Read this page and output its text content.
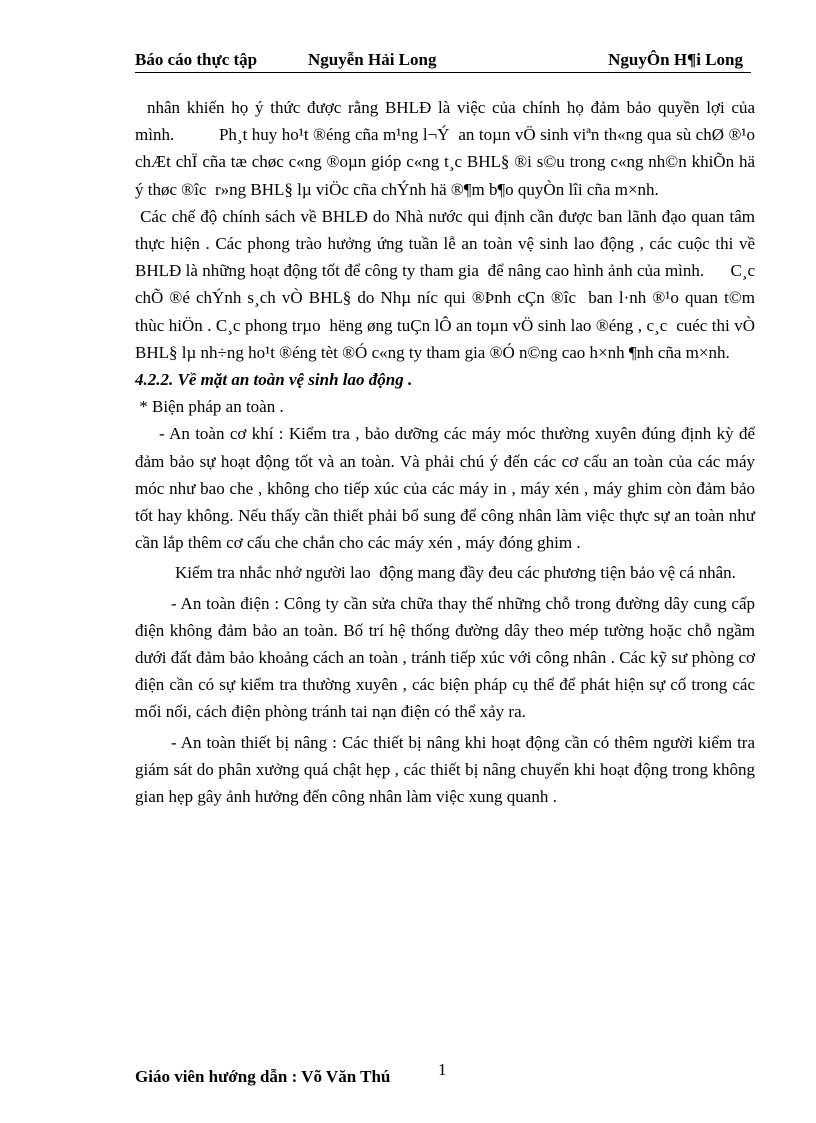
Báo cáo thực tập	Nguyễn Hải Long	NguyÔn H¶i Long

nhân khiến họ ý thức được rằng BHLĐ là việc của chính họ đảm bảo quyền lợi của mình.          Ph¸t huy ho¹t ®éng cña m¹ng l¬Ý  an toµn vÖ sinh viªn th«ng qua sù chØ ®¹o chÆt chÏ cña tæ chøc c«ng ®oµn gióp c«ng t¸c BHL§ ®i s©u trong c«ng nh©n khiÕn hä ý thøc ®îc  r»ng BHL§ lµ viÖc cña chÝnh hä ®¶m b¶o quyÒn lîi cña m×nh.

Các chế độ chính sách về BHLĐ do Nhà nước qui định cần được ban lãnh đạo quan tâm thực hiện . Các phong trào hưởng ứng tuần lễ an toàn vệ sinh lao động , các cuộc thi về BHLĐ là những hoạt động tốt để công ty tham gia  để nâng cao hình ảnh của mình.      C¸c chÕ ®é chÝnh s¸ch vÒ BHL§ do Nhµ níc qui ®Þnh cÇn ®îc  ban l·nh ®¹o quan t©m thùc hiÖn . C¸c phong trµo  hëng øng tuÇn lÔ an toµn vÖ sinh lao ®éng , c¸c  cuéc thi vÒ BHL§ lµ nh÷ng ho¹t ®éng tèt ®Ó c«ng ty tham gia ®Ó n©ng cao h×nh ¶nh cña m×nh.

4.2.2. Về mặt an toàn vệ sinh lao động .

* Biện pháp an toàn .

- An toàn cơ khí : Kiểm tra , bảo dưỡng các máy móc thường xuyên đúng định kỳ để đảm bảo sự hoạt động tốt và an toàn. Và phải chú ý đến các cơ cấu an toàn của các máy móc như bao che , không cho tiếp xúc của các máy in , máy xén , máy ghim còn đảm bảo tốt hay không. Nếu thấy cần thiết phải bổ sung để công nhân làm việc thực sự an toàn như cần lắp thêm cơ cấu che chắn cho các máy xén , máy đóng ghim .

Kiểm tra nhắc nhở người lao  động mang đầy đeu các phương tiện bảo vệ cá nhân.

- An toàn điện : Công ty cần sửa chữa thay thế những chỗ trong đường dây cung cấp điện không đảm bảo an toàn. Bố trí hệ thống đường dây theo mép tường hoặc chỗ ngầm dưới đất đảm bảo khoảng cách an toàn , tránh tiếp xúc với công nhân . Các kỹ sư phòng cơ điện cần có sự kiểm tra thường xuyên , các biện pháp cụ thể để phát hiện sự cố trong các mối nối, cách điện phòng tránh tai nạn điện có thể xảy ra.

- An toàn thiết bị nâng : Các thiết bị nâng khi hoạt động cần có thêm người kiểm tra giám sát do phân xưởng quá chật hẹp , các thiết bị nâng chuyển khi hoạt động trong không gian hẹp gây ảnh hưởng đến công nhân làm việc xung quanh .

Giáo viên hướng dẫn : Võ Văn Thú	1
